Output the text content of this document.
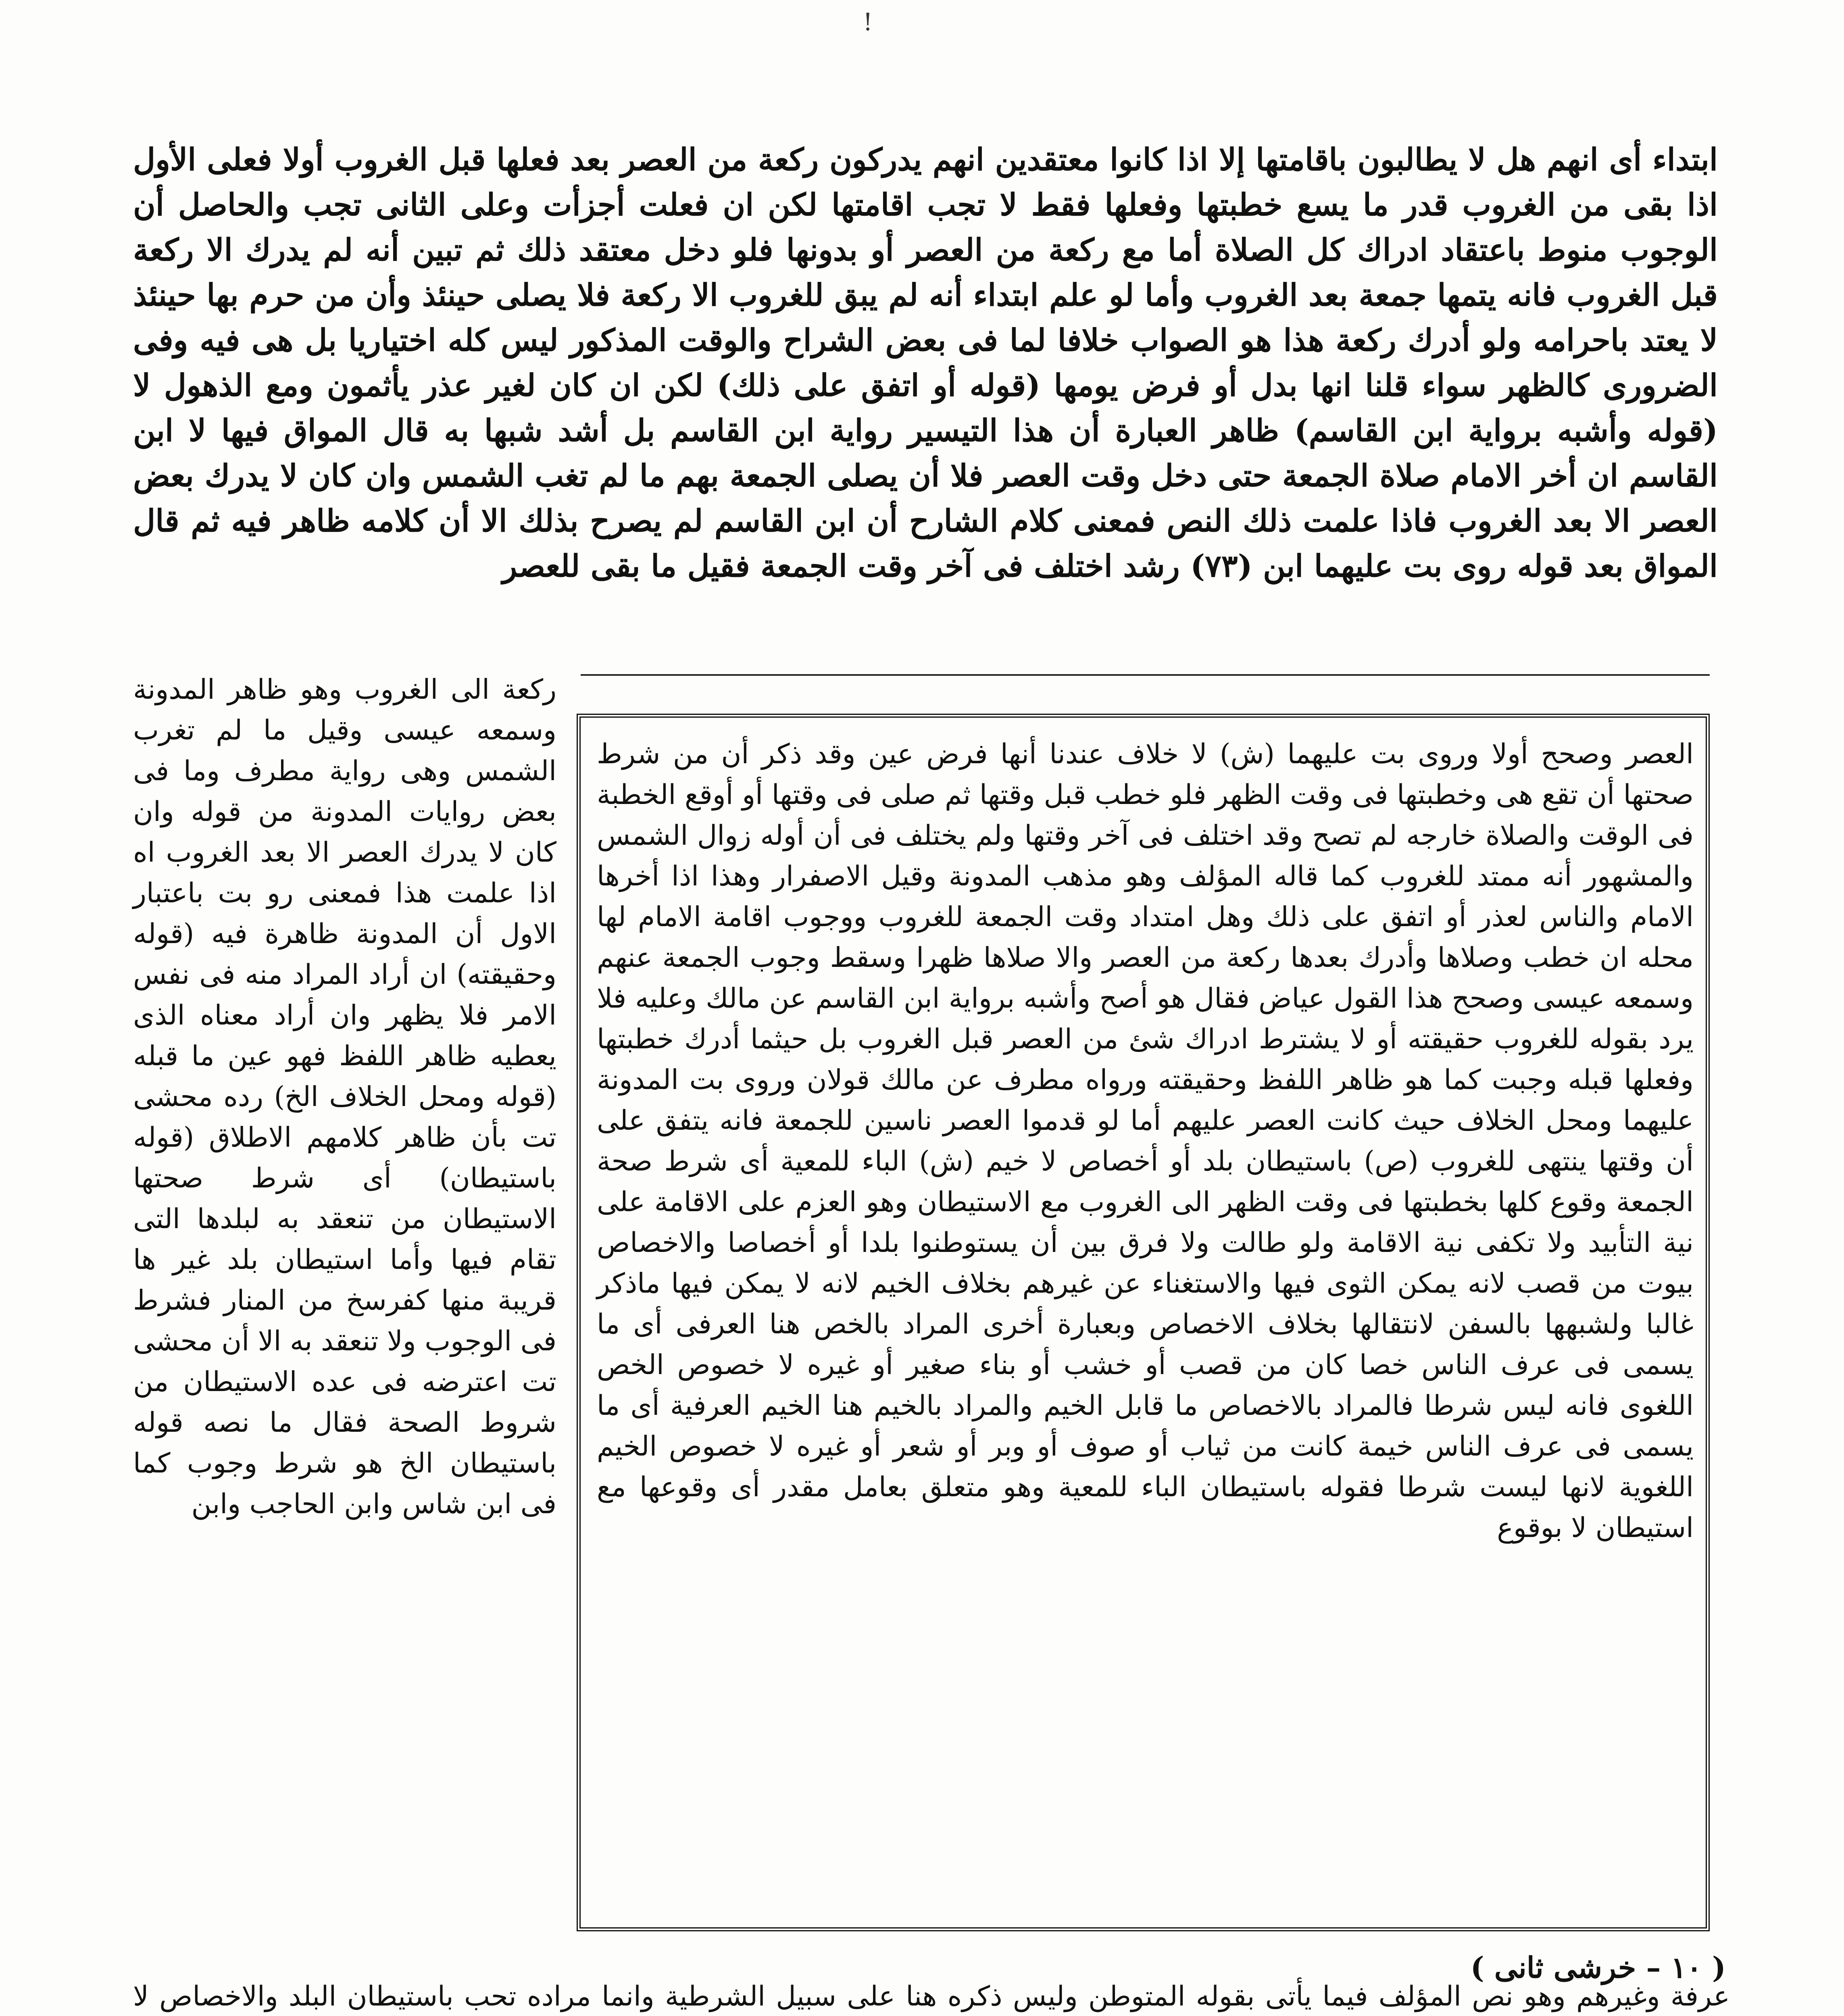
!

ابتداء أى انهم هل لا يطالبون باقامتها إلا اذا كانوا معتقدين انهم يدركون ركعة من العصر بعد فعلها قبل الغروب أولا فعلى الأول اذا بقى من الغروب قدر ما يسع خطبتها وفعلها فقط لا تجب اقامتها لكن ان فعلت أجزأت وعلى الثانى تجب والحاصل أن الوجوب منوط باعتقاد ادراك كل الصلاة أما مع ركعة من العصر أو بدونها فلو دخل معتقد ذلك ثم تبين أنه لم يدرك الا ركعة قبل الغروب فانه يتمها جمعة بعد الغروب وأما لو علم ابتداء أنه لم يبق للغروب الا ركعة فلا يصلى حينئذ وأن من حرم بها حينئذ لا يعتد باحرامه ولو أدرك ركعة هذا هو الصواب خلافا لما فى بعض الشراح والوقت المذكور ليس كله اختياريا بل هى فيه وفى الضرورى كالظهر سواء قلنا انها بدل أو فرض يومها (قوله أو اتفق على ذلك) لكن ان كان لغير عذر يأثمون ومع الذهول لا (قوله وأشبه برواية ابن القاسم) ظاهر العبارة أن هذا التيسير رواية ابن القاسم بل أشد شبها به قال المواق فيها لا ابن القاسم ان أخر الامام صلاة الجمعة حتى دخل وقت العصر فلا أن يصلى الجمعة بهم ما لم تغب الشمس وان كان لا يدرك بعض العصر الا بعد الغروب فاذا علمت ذلك النص فمعنى كلام الشارح أن ابن القاسم لم يصرح بذلك الا أن كلامه ظاهر فيه ثم قال المواق بعد قوله روى بت عليهما ابن (٧٣) رشد اختلف فى آخر وقت الجمعة فقيل ما بقى للعصر

العصر وصحح أولا وروى بت عليهما (ش) لا خلاف عندنا أنها فرض عين وقد ذكر أن من شرط صحتها أن تقع هى وخطبتها فى وقت الظهر فلو خطب قبل وقتها ثم صلى فى وقتها أو أوقع الخطبة فى الوقت والصلاة خارجه لم تصح وقد اختلف فى آخر وقتها ولم يختلف فى أن أوله زوال الشمس والمشهور أنه ممتد للغروب كما قاله المؤلف وهو مذهب المدونة وقيل الاصفرار وهذا اذا أخرها الامام والناس لعذر أو اتفق على ذلك وهل امتداد وقت الجمعة للغروب ووجوب اقامة الامام لها محله ان خطب وصلاها وأدرك بعدها ركعة من العصر والا صلاها ظهرا وسقط وجوب الجمعة عنهم وسمعه عيسى وصحح هذا القول عياض فقال هو أصح وأشبه برواية ابن القاسم عن مالك وعليه فلا يرد بقوله للغروب حقيقته أو لا يشترط ادراك شئ من العصر قبل الغروب بل حيثما أدرك خطبتها وفعلها قبله وجبت كما هو ظاهر اللفظ وحقيقته ورواه مطرف عن مالك قولان وروى بت المدونة عليهما ومحل الخلاف حيث كانت العصر عليهم أما لو قدموا العصر ناسين للجمعة فانه يتفق على أن وقتها ينتهى للغروب (ص) باستيطان بلد أو أخصاص لا خيم (ش) الباء للمعية أى شرط صحة الجمعة وقوع كلها بخطبتها فى وقت الظهر الى الغروب مع الاستيطان وهو العزم على الاقامة على نية التأبيد ولا تكفى نية الاقامة ولو طالت ولا فرق بين أن يستوطنوا بلدا أو أخصاصا والاخصاص بيوت من قصب لانه يمكن الثوى فيها والاستغناء عن غيرهم بخلاف الخيم لانه لا يمكن فيها ماذكر غالبا ولشبهها بالسفن لانتقالها بخلاف الاخصاص وبعبارة أخرى المراد بالخص هنا العرفى أى ما يسمى فى عرف الناس خصا كان من قصب أو خشب أو بناء صغير أو غيره لا خصوص الخص اللغوى فانه ليس شرطا فالمراد بالاخصاص ما قابل الخيم والمراد بالخيم هنا الخيم العرفية أى ما يسمى فى عرف الناس خيمة كانت من ثياب أو صوف أو وبر أو شعر أو غيره لا خصوص الخيم اللغوية لانها ليست شرطا فقوله باستيطان الباء للمعية وهو متعلق بعامل مقدر أى وقوعها مع استيطان لا بوقوع

ركعة الى الغروب وهو ظاهر المدونة وسمعه عيسى وقيل ما لم تغرب الشمس وهى رواية مطرف وما فى بعض روايات المدونة من قوله وان كان لا يدرك العصر الا بعد الغروب اه اذا علمت هذا فمعنى رو بت باعتبار الاول أن المدونة ظاهرة فيه (قوله وحقيقته) ان أراد المراد منه فى نفس الامر فلا يظهر وان أراد معناه الذى يعطيه ظاهر اللفظ فهو عين ما قبله (قوله ومحل الخلاف الخ) رده محشى تت بأن ظاهر كلامهم الاطلاق (قوله باستيطان) أى شرط صحتها الاستيطان من تنعقد به لبلدها التى تقام فيها وأما استيطان بلد غير ها قريبة منها كفرسخ من المنار فشرط فى الوجوب ولا تنعقد به الا أن محشى تت اعترضه فى عده الاستيطان من شروط الصحة فقال ما نصه قوله باستيطان الخ هو شرط وجوب كما فى ابن شاس وابن الحاجب وابن

( ١٠ – خرشى ثانى )

عرفة وغيرهم وهو نص المؤلف فيما يأتى بقوله المتوطن وليس ذكره هنا على سبيل الشرطية وانما مراده تحب باستيطان البلد والاخصاص لا
